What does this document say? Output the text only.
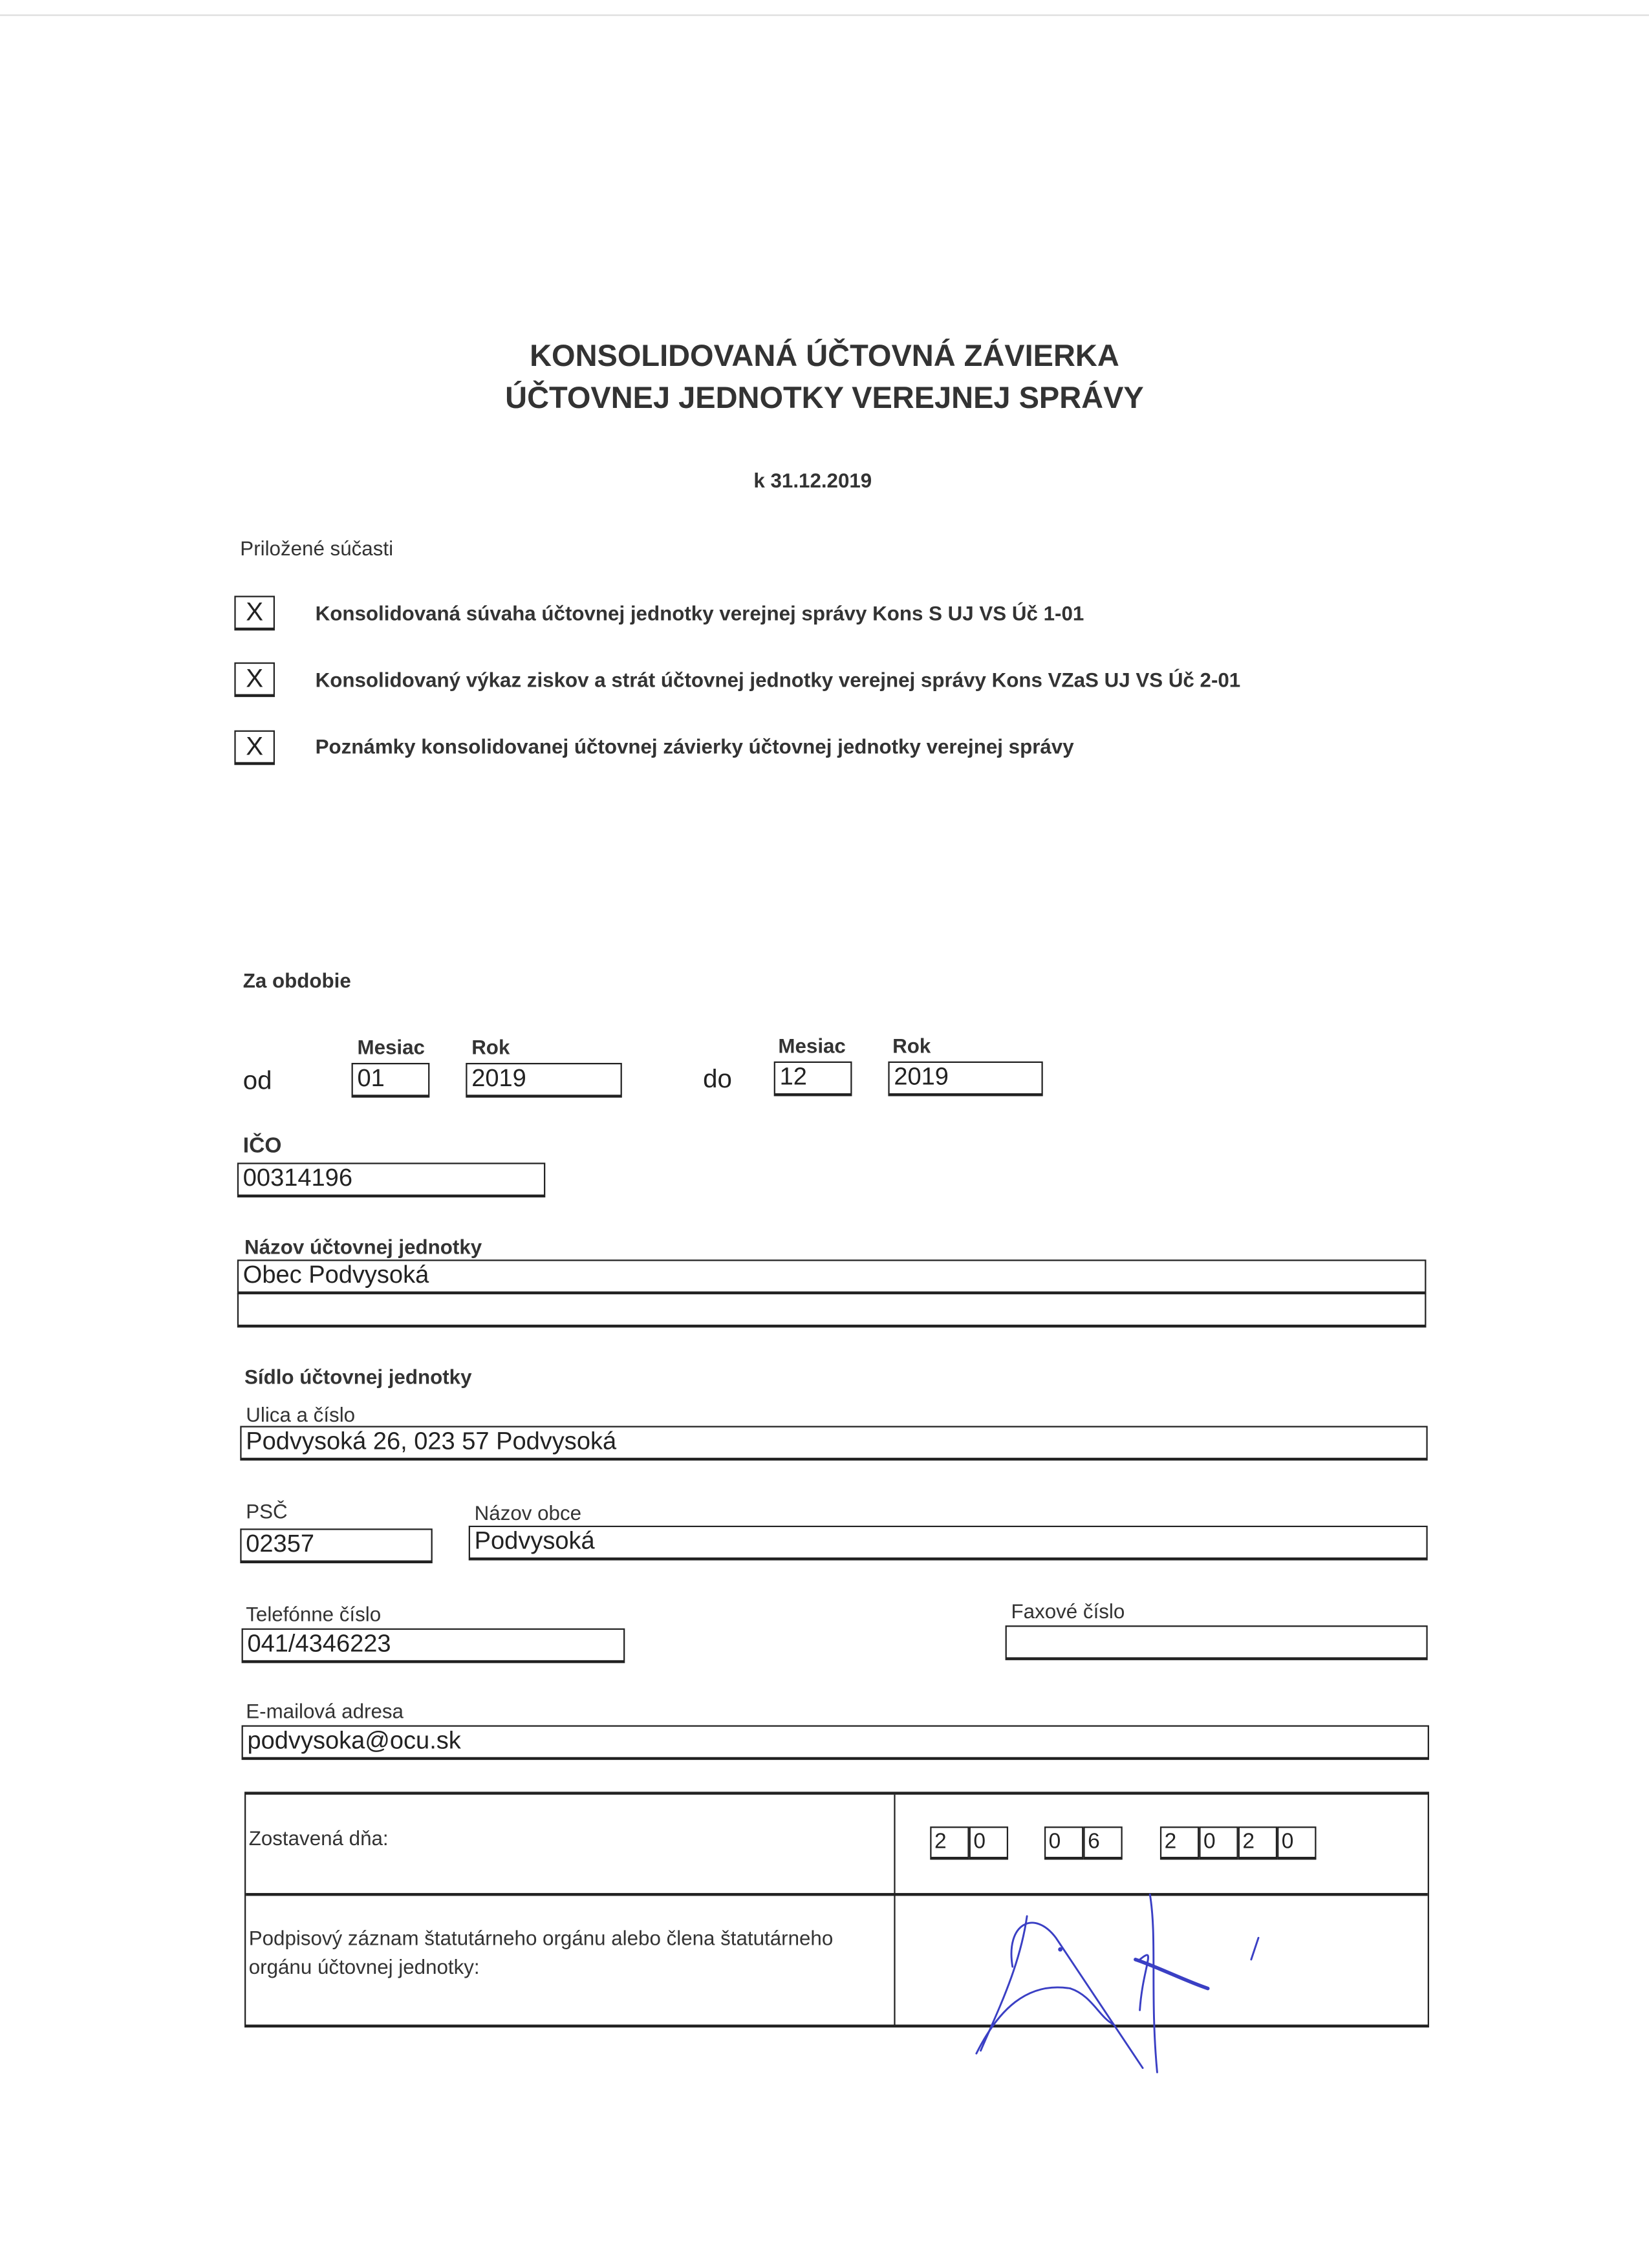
KONSOLIDOVANÁ ÚČTOVNÁ ZÁVIERKA
ÚČTOVNEJ JEDNOTKY VEREJNEJ SPRÁVY
k 31.12.2019
Priložené súčasti
X	Konsolidovaná súvaha účtovnej jednotky verejnej správy Kons S UJ VS Úč 1-01
X	Konsolidovaný výkaz ziskov a strát účtovnej jednotky verejnej správy Kons VZaS UJ VS Úč 2-01
X	Poznámky konsolidovanej účtovnej závierky účtovnej jednotky verejnej správy
Za obdobie
Mesiac	Rok	Mesiac	Rok
od	01	2019	do	12	2019
IČO
00314196
Názov účtovnej jednotky
Obec Podvysoká
Sídlo účtovnej jednotky
Ulica a číslo
Podvysoká 26, 023 57 Podvysoká
PSČ
02357
Názov obce
Podvysoká
Telefónne číslo
041/4346223
Faxové číslo
E-mailová adresa
podvysoka@ocu.sk
Zostavená dňa:	2	0	0	6	2	0	2	0
Podpisový záznam štatutárneho orgánu alebo člena štatutárneho orgánu účtovnej jednotky:
